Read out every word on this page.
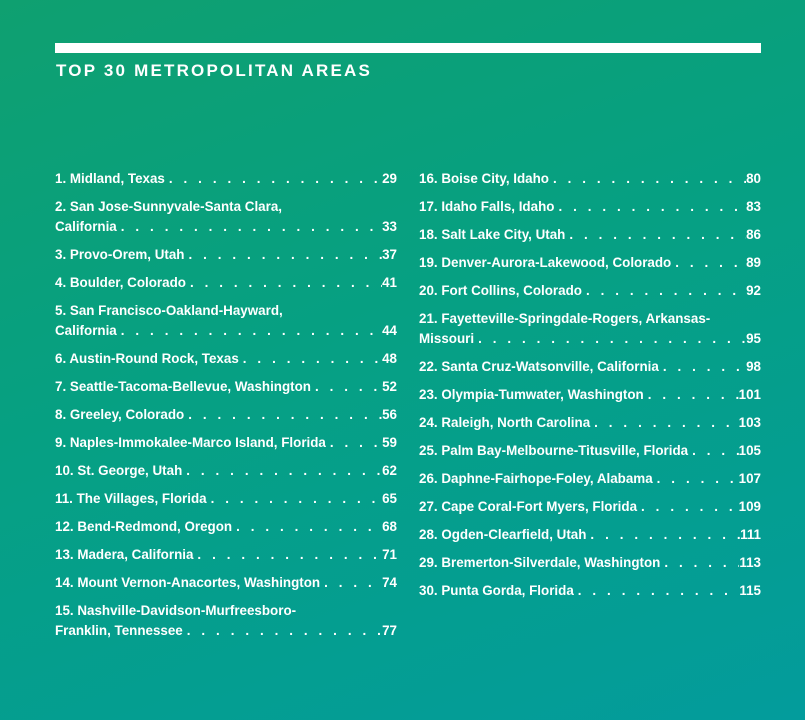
TOP 30 METROPOLITAN AREAS
1. Midland, Texas . . .	29
2. San Jose-Sunnyvale-Santa Clara,
California . . .	33
3. Provo-Orem, Utah . . .	37
4. Boulder, Colorado . . .	41
5. San Francisco-Oakland-Hayward,
California . . .	44
6. Austin-Round Rock, Texas . . .	48
7. Seattle-Tacoma-Bellevue, Washington . . .	52
8. Greeley, Colorado . . .	56
9. Naples-Immokalee-Marco Island, Florida . . .	59
10. St. George, Utah . . .	62
11. The Villages, Florida . . .	65
12. Bend-Redmond, Oregon . . .	68
13. Madera, California . . .	71
14. Mount Vernon-Anacortes, Washington . . .	74
15. Nashville-Davidson-Murfreesboro-
Franklin, Tennessee . . .	77
16. Boise City, Idaho . . .	80
17. Idaho Falls, Idaho . . .	83
18. Salt Lake City, Utah . . .	86
19. Denver-Aurora-Lakewood, Colorado . . .	89
20. Fort Collins, Colorado . . .	92
21. Fayetteville-Springdale-Rogers, Arkansas-
Missouri . . .	95
22. Santa Cruz-Watsonville, California . . .	98
23. Olympia-Tumwater, Washington . . .	101
24. Raleigh, North Carolina . . .	103
25. Palm Bay-Melbourne-Titusville, Florida . . .	105
26. Daphne-Fairhope-Foley, Alabama . . .	107
27. Cape Coral-Fort Myers, Florida . . .	109
28. Ogden-Clearfield, Utah . . .	111
29. Bremerton-Silverdale, Washington . . .	113
30. Punta Gorda, Florida . . .	115
